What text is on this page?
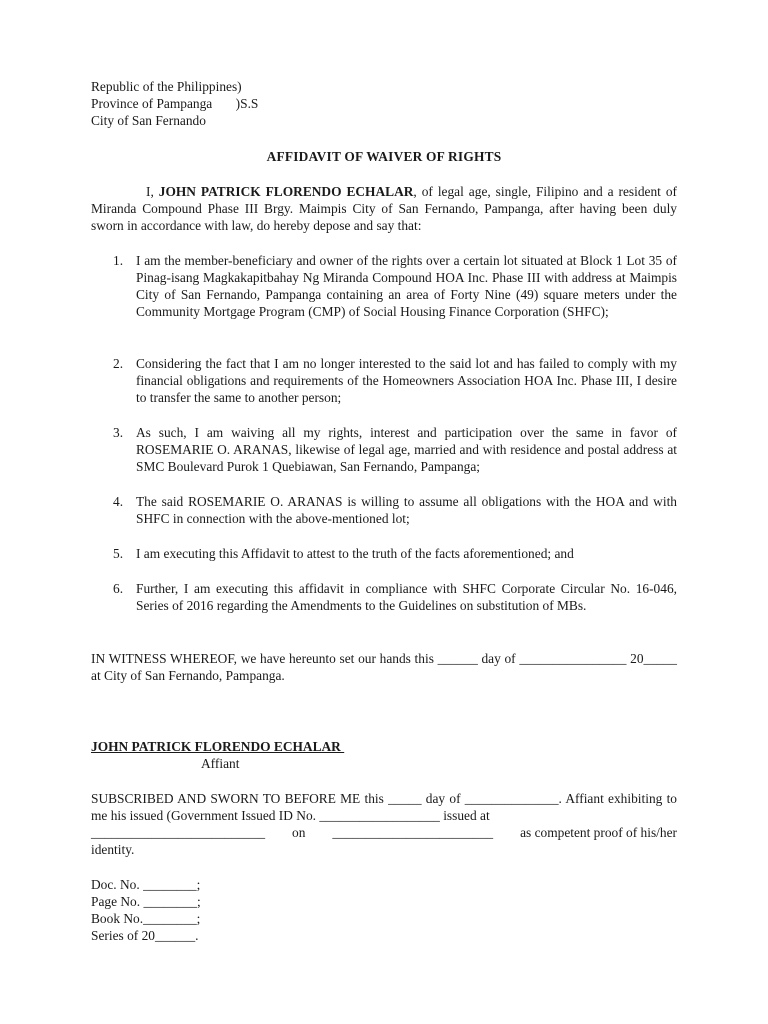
Republic of the Philippines)
Province of Pampanga       )S.S
City of San Fernando
AFFIDAVIT OF WAIVER OF RIGHTS
I, JOHN PATRICK FLORENDO ECHALAR, of legal age, single, Filipino and a resident of Miranda Compound Phase III Brgy. Maimpis City of San Fernando, Pampanga, after having been duly sworn in accordance with law, do hereby depose and say that:
1. I am the member-beneficiary and owner of the rights over a certain lot situated at Block 1 Lot 35 of Pinag-isang Magkakapitbahay Ng Miranda Compound HOA Inc. Phase III with address at Maimpis City of San Fernando, Pampanga containing an area of Forty Nine (49) square meters under the Community Mortgage Program (CMP) of Social Housing Finance Corporation (SHFC);
2. Considering the fact that I am no longer interested to the said lot and has failed to comply with my financial obligations and requirements of the Homeowners Association HOA Inc. Phase III, I desire to transfer the same to another person;
3. As such, I am waiving all my rights, interest and participation over the same in favor of ROSEMARIE O. ARANAS, likewise of legal age, married and with residence and postal address at SMC Boulevard Purok 1 Quebiawan, San Fernando, Pampanga;
4. The said ROSEMARIE O. ARANAS is willing to assume all obligations with the HOA and with SHFC in connection with the above-mentioned lot;
5. I am executing this Affidavit to attest to the truth of the facts aforementioned; and
6. Further, I am executing this affidavit in compliance with SHFC Corporate Circular No. 16-046, Series of 2016 regarding the Amendments to the Guidelines on substitution of MBs.
IN WITNESS WHEREOF, we have hereunto set our hands this ______ day of ________________ 20_____ at City of San Fernando, Pampanga.
JOHN PATRICK FLORENDO ECHALAR
Affiant
SUBSCRIBED AND SWORN TO BEFORE ME this _____ day of ______________. Affiant exhibiting to me his issued (Government Issued ID No. __________________ issued at
__________________________ on ________________________ as competent proof of his/her
identity.
Doc. No. ________;
Page No. ________;
Book No.________;
Series of 20______.
